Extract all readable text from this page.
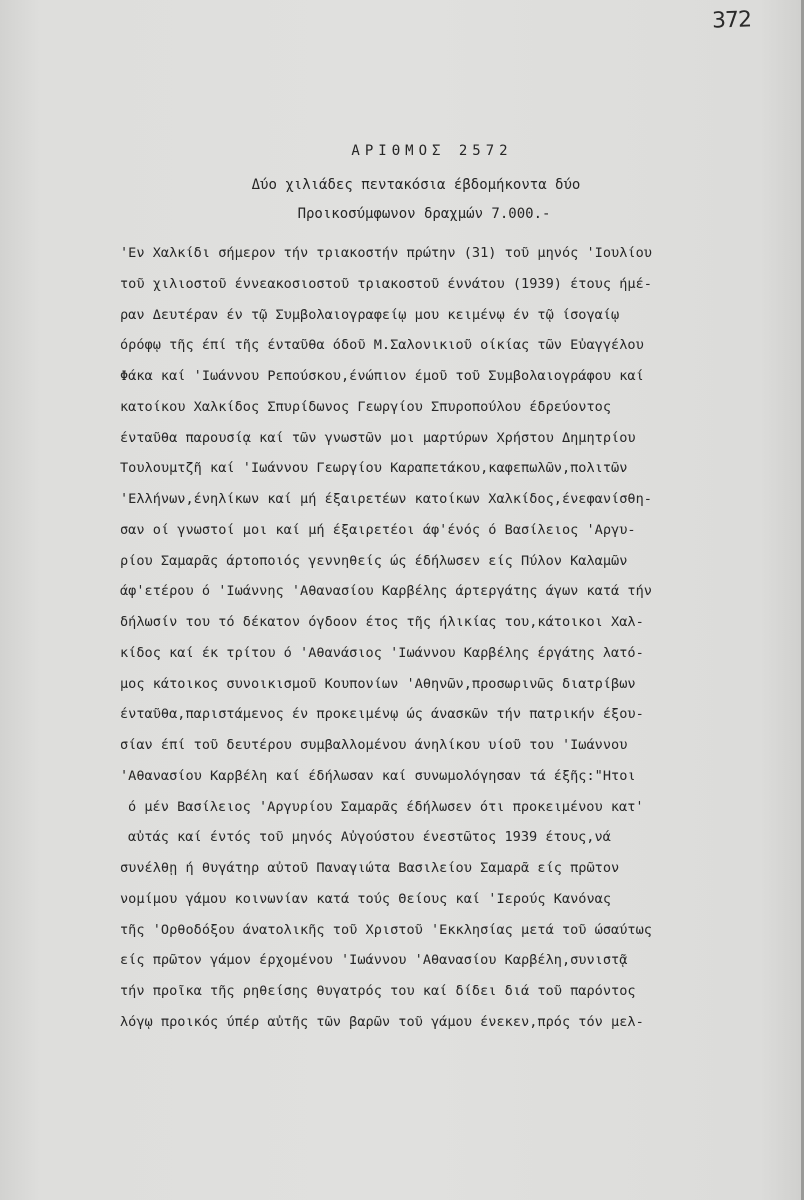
372
ΑΡΙΘΜΟΣ 2572
Δύο χιλιάδες πεντακόσια έβδομήκοντα δύο
Προικοσύμφωνον δραχμών 7.000.-
'Εν Χαλκίδι σήμερον τήν τριακοστήν πρώτην (31) τοῦ μηνός 'Ιουλίου
τοῦ χιλιοστοῦ έννεακοσιοστοῦ τριακοστοῦ έννάτου (1939) έτους ήμέ-
ραν Δευτέραν έν τῷ Συμβολαιογραφείῳ μου κειμένῳ έν τῷ ίσογαίῳ
όρόφῳ τῆς έπί τῆς ένταῦθα όδοῦ Μ.Σαλονικιοῦ οίκίας τῶν Εὐαγγέλου
Φάκα καί 'Ιωάννου Ρεπούσκου,ένώπιον έμοῦ τοῦ Συμβολαιογράφου καί
κατοίκου Χαλκίδος Σπυρίδωνος Γεωργίου Σπυροπούλου έδρεύοντος
ένταῦθα παρουσίᾳ καί τῶν γνωστῶν μοι μαρτύρων Χρήστου Δημητρίου
Τουλουμτζῆ καί 'Ιωάννου Γεωργίου Καραπετάκου,καφεπωλῶν,πολιτῶν
'Ελλήνων,ένηλίκων καί μή έξαιρετέων κατοίκων Χαλκίδος,ένεφανίσθη-
σαν οί γνωστοί μοι καί μή έξαιρετέοι άφ'ένός ό Βασίλειος 'Αργυ-
ρίου Σαμαρᾶς άρτοποιός γεννηθείς ώς έδήλωσεν είς Πύλον Καλαμῶν
άφ'ετέρου ό 'Ιωάννης 'Αθανασίου Καρβέλης άρτεργάτης άγων κατά τήν
δήλωσίν του τό δέκατον όγδοον έτος τῆς ήλικίας του,κάτοικοι Χαλ-
κίδος καί έκ τρίτου ό 'Αθανάσιος 'Ιωάννου Καρβέλης έργάτης λατό-
μος κάτοικος συνοικισμοῦ Κουπονίων 'Αθηνῶν,προσωρινῶς διατρίβων
ένταῦθα,παριστάμενος έν προκειμένῳ ώς άνασκῶν τήν πατρικήν έξου-
σίαν έπί τοῦ δευτέρου συμβαλλομένου άνηλίκου υίοῦ του 'Ιωάννου
'Αθανασίου Καρβέλη καί έδήλωσαν καί συνωμολόγησαν τά έξῆς:"Ητοι
ό μέν Βασίλειος 'Αργυρίου Σαμαρᾶς έδήλωσεν ότι προκειμένου κατ'
αὐτάς καί έντός τοῦ μηνός Αὐγούστου ένεστῶτος 1939 έτους,νά
συνέλθῃ ή θυγάτηρ αὐτοῦ Παναγιώτα Βασιλείου Σαμαρᾶ είς πρῶτον
νομίμου γάμου κοινωνίαν κατά τούς Θείους καί 'Ιερούς Κανόνας
τῆς 'Ορθοδόξου άνατολικῆς τοῦ Χριστοῦ 'Εκκλησίας μετά τοῦ ώσαύτως
είς πρῶτον γάμον έρχομένου 'Ιωάννου 'Αθανασίου Καρβέλη,συνιστᾷ
τήν προῖκα τῆς ρηθείσης θυγατρός του καί δίδει διά τοῦ παρόντος
λόγῳ προικός ύπέρ αὐτῆς τῶν βαρῶν τοῦ γάμου ένεκεν,πρός τόν μελ-
